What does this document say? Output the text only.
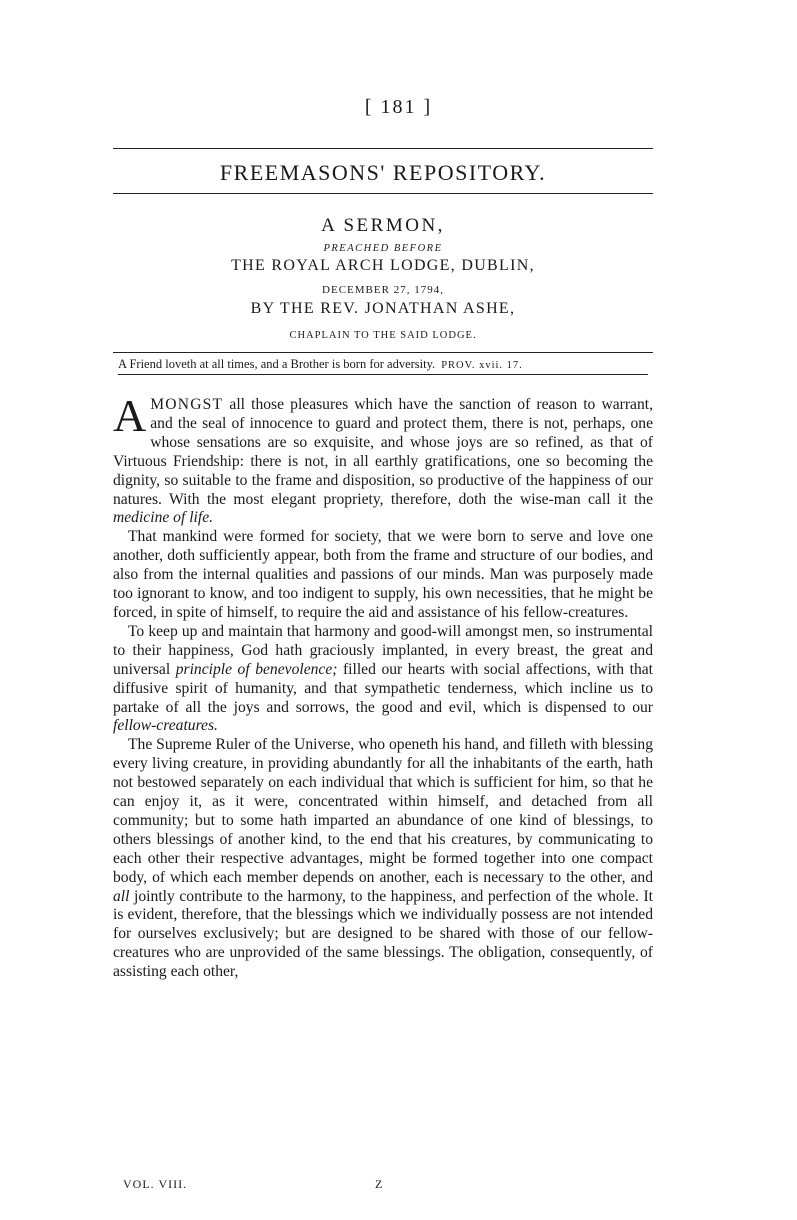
[ 181 ]
FREEMASONS' REPOSITORY.
A SERMON,
PREACHED BEFORE
THE ROYAL ARCH LODGE, DUBLIN,
DECEMBER 27, 1794,
BY THE REV. JONATHAN ASHE,
CHAPLAIN TO THE SAID LODGE.
A Friend loveth at all times, and a Brother is born for adversity. PROV. xvii. 17.

AMONGST all those pleasures which have the sanction of reason to warrant, and the seal of innocence to guard and protect them, there is not, perhaps, one whose sensations are so exquisite, and whose joys are so refined, as that of Virtuous Friendship: there is not, in all earthly gratifications, one so becoming the dignity, so suitable to the frame and disposition, so productive of the happiness of our natures. With the most elegant propriety, therefore, doth the wise-man call it the medicine of life.

That mankind were formed for society, that we were born to serve and love one another, doth sufficiently appear, both from the frame and structure of our bodies, and also from the internal qualities and passions of our minds. Man was purposely made too ignorant to know, and too indigent to supply, his own necessities, that he might be forced, in spite of himself, to require the aid and assistance of his fellow-creatures.

To keep up and maintain that harmony and good-will amongst men, so instrumental to their happiness, God hath graciously implanted, in every breast, the great and universal principle of benevolence; filled our hearts with social affections, with that diffusive spirit of humanity, and that sympathetic tenderness, which incline us to partake of all the joys and sorrows, the good and evil, which is dispensed to our fellow-creatures.

The Supreme Ruler of the Universe, who openeth his hand, and filleth with blessing every living creature, in providing abundantly for all the inhabitants of the earth, hath not bestowed separately on each individual that which is sufficient for him, so that he can enjoy it, as it were, concentrated within himself, and detached from all community; but to some hath imparted an abundance of one kind of blessings, to others blessings of another kind, to the end that his creatures, by communicating to each other their respective advantages, might be formed together into one compact body, of which each member depends on another, each is necessary to the other, and all jointly contribute to the harmony, to the happiness, and perfection of the whole. It is evident, therefore, that the blessings which we individually possess are not intended for ourselves exclusively; but are designed to be shared with those of our fellow-creatures who are unprovided of the same blessings. The obligation, consequently, of assisting each other,

VOL. VIII.	Z
